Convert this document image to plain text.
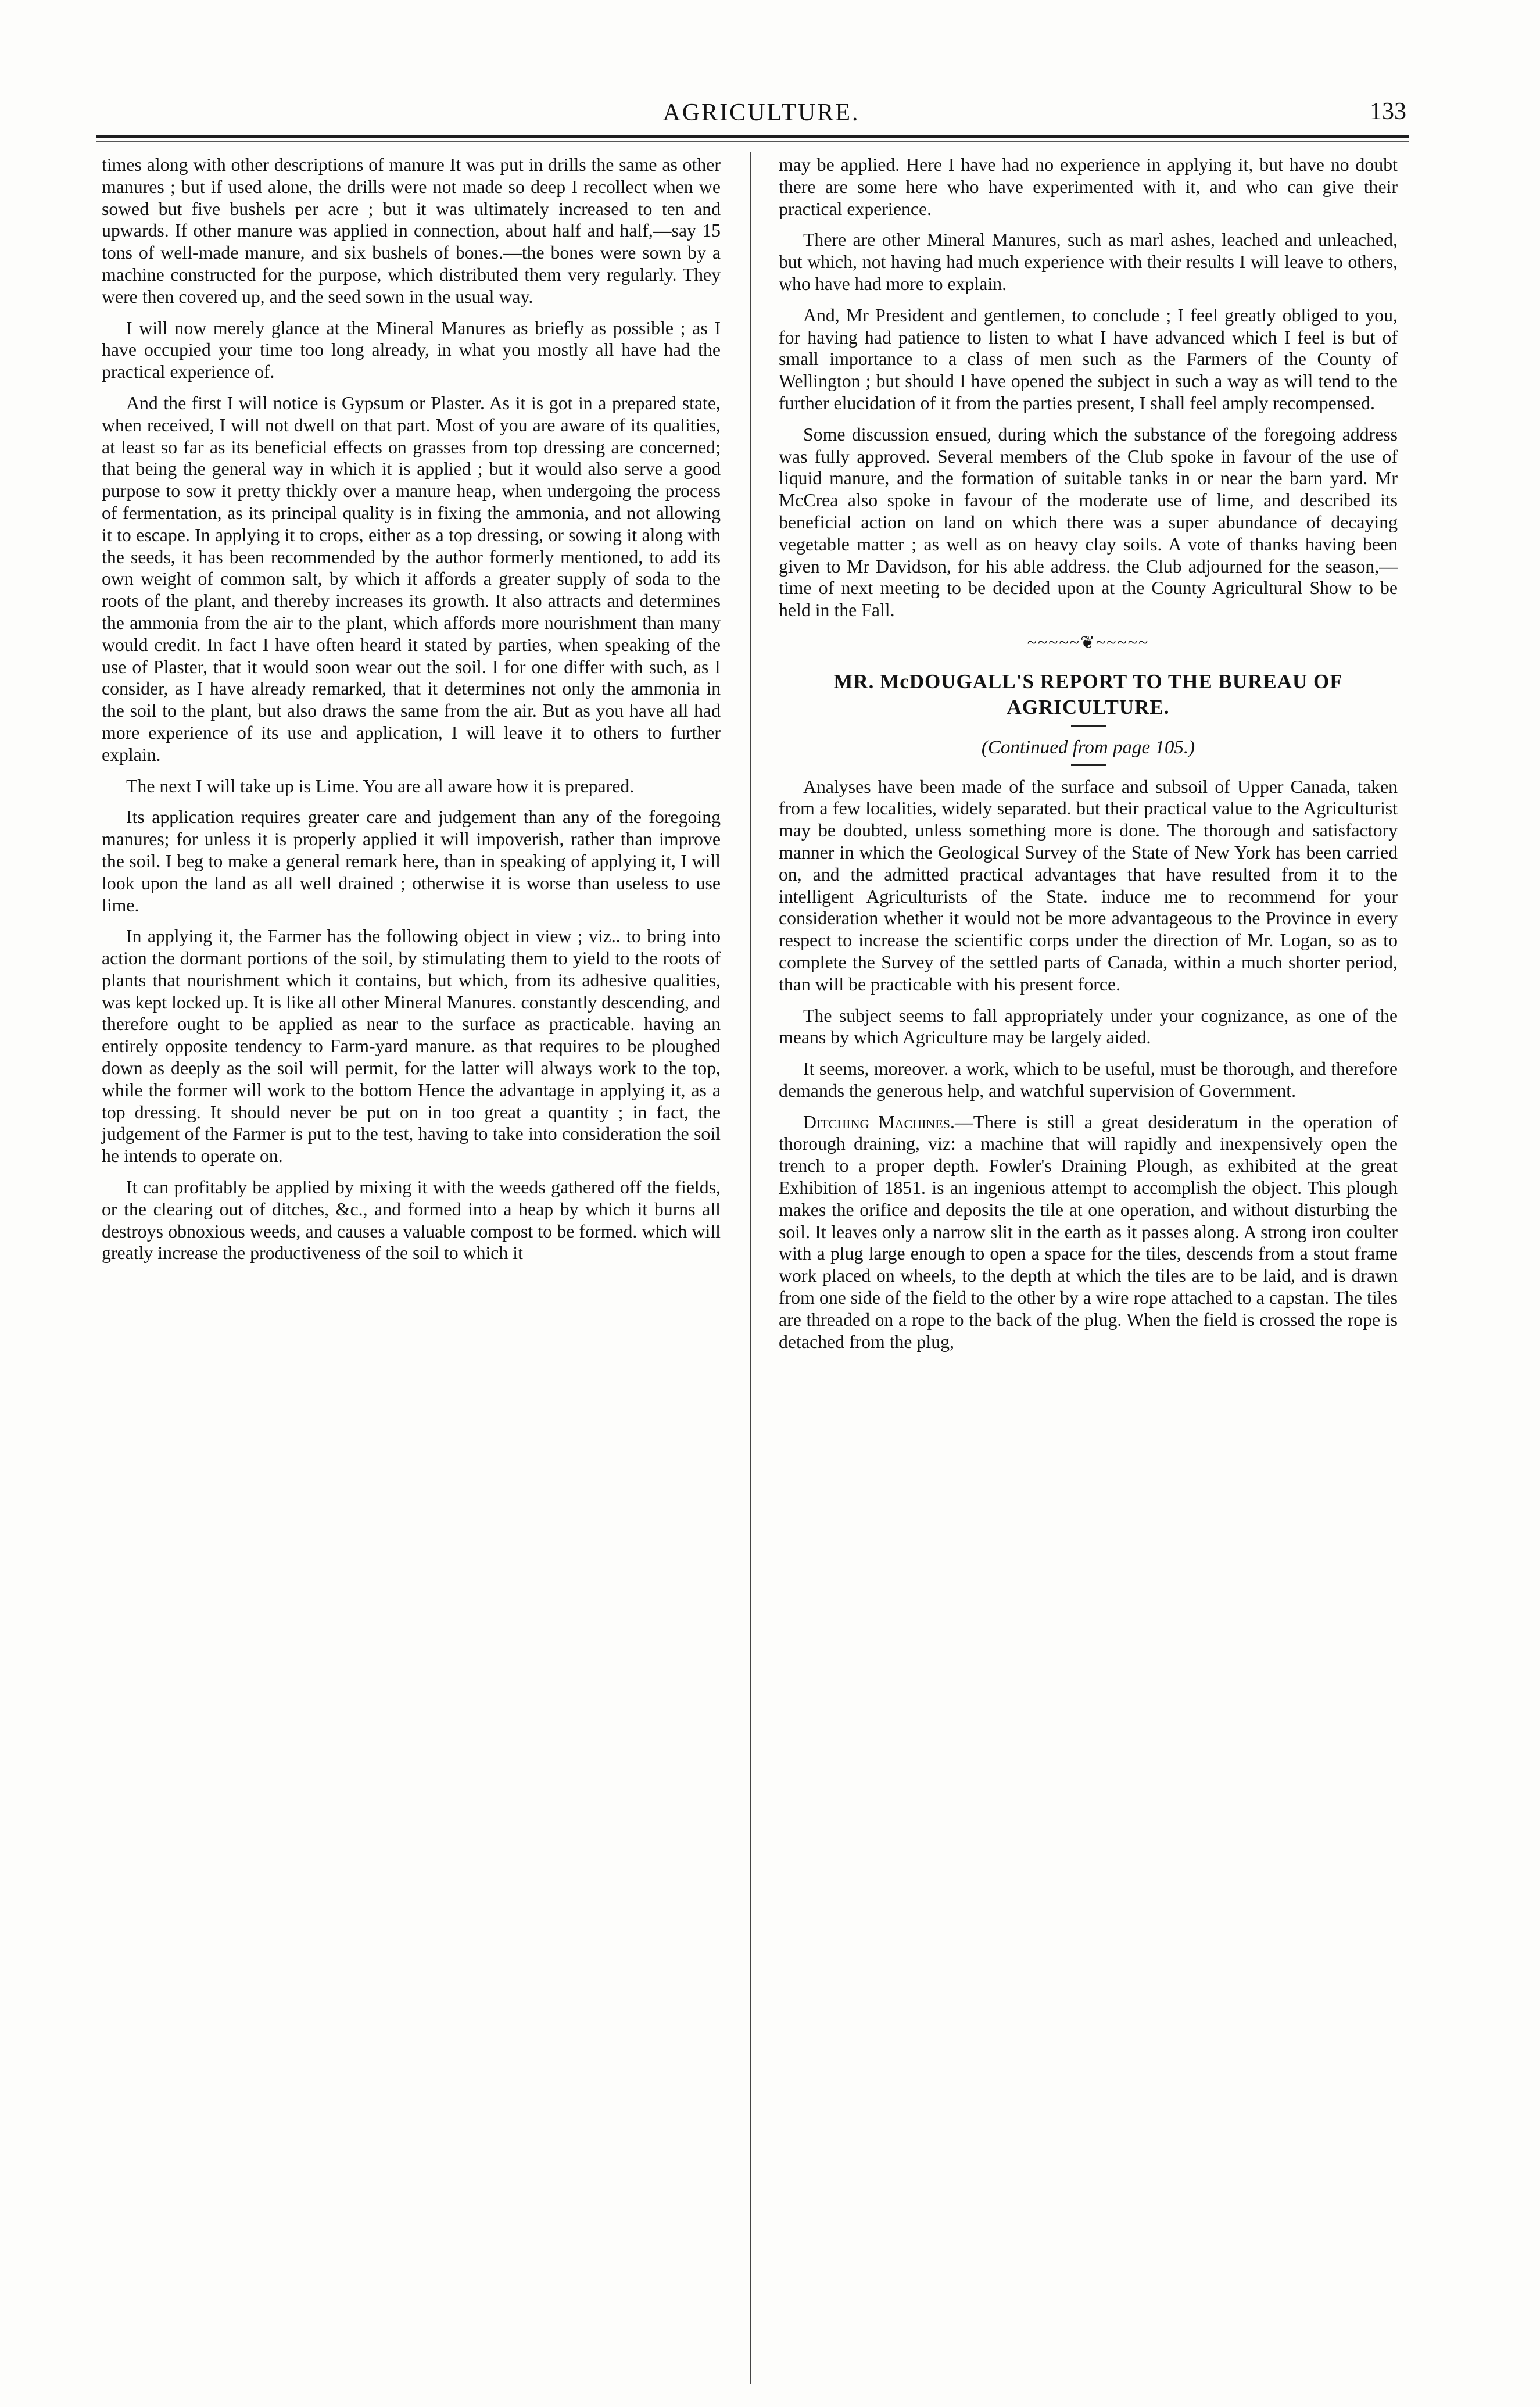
AGRICULTURE.	133

times along with other descriptions of manure It was put in drills the same as other manures ; but if used alone, the drills were not made so deep I recollect when we sowed but five bushels per acre ; but it was ultimately increased to ten and upwards. If other manure was applied in connection, about half and half,—say 15 tons of well-made manure, and six bushels of bones.—the bones were sown by a machine constructed for the purpose, which distributed them very regularly. They were then covered up, and the seed sown in the usual way.

I will now merely glance at the Mineral Manures as briefly as possible ; as I have occupied your time too long already, in what you mostly all have had the practical experience of.

And the first I will notice is Gypsum or Plaster. As it is got in a prepared state, when received, I will not dwell on that part. Most of you are aware of its qualities, at least so far as its beneficial effects on grasses from top dressing are concerned; that being the general way in which it is applied ; but it would also serve a good purpose to sow it pretty thickly over a manure heap, when undergoing the process of fermentation, as its principal quality is in fixing the ammonia, and not allowing it to escape. In applying it to crops, either as a top dressing, or sowing it along with the seeds, it has been recommended by the author formerly mentioned, to add its own weight of common salt, by which it affords a greater supply of soda to the roots of the plant, and thereby increases its growth. It also attracts and determines the ammonia from the air to the plant, which affords more nourishment than many would credit. In fact I have often heard it stated by parties, when speaking of the use of Plaster, that it would soon wear out the soil. I for one differ with such, as I consider, as I have already remarked, that it determines not only the ammonia in the soil to the plant, but also draws the same from the air. But as you have all had more experience of its use and application, I will leave it to others to further explain.

The next I will take up is Lime. You are all aware how it is prepared.

Its application requires greater care and judgement than any of the foregoing manures; for unless it is properly applied it will impoverish, rather than improve the soil. I beg to make a general remark here, than in speaking of applying it, I will look upon the land as all well drained ; otherwise it is worse than useless to use lime.

In applying it, the Farmer has the following object in view ; viz.. to bring into action the dormant portions of the soil, by stimulating them to yield to the roots of plants that nourishment which it contains, but which, from its adhesive qualities, was kept locked up. It is like all other Mineral Manures. constantly descending, and therefore ought to be applied as near to the surface as practicable. having an entirely opposite tendency to Farm-yard manure. as that requires to be ploughed down as deeply as the soil will permit, for the latter will always work to the top, while the former will work to the bottom Hence the advantage in applying it, as a top dressing. It should never be put on in too great a quantity ; in fact, the judgement of the Farmer is put to the test, having to take into consideration the soil he intends to operate on.

It can profitably be applied by mixing it with the weeds gathered off the fields, or the clearing out of ditches, &c., and formed into a heap by which it burns all destroys obnoxious weeds, and causes a valuable compost to be formed. which will greatly increase the productiveness of the soil to which it

may be applied. Here I have had no experience in applying it, but have no doubt there are some here who have experimented with it, and who can give their practical experience.

There are other Mineral Manures, such as marl ashes, leached and unleached, but which, not having had much experience with their results I will leave to others, who have had more to explain.

And, Mr President and gentlemen, to conclude ; I feel greatly obliged to you, for having had patience to listen to what I have advanced which I feel is but of small importance to a class of men such as the Farmers of the County of Wellington ; but should I have opened the subject in such a way as will tend to the further elucidation of it from the parties present, I shall feel amply recompensed.

Some discussion ensued, during which the substance of the foregoing address was fully approved. Several members of the Club spoke in favour of the use of liquid manure, and the formation of suitable tanks in or near the barn yard. Mr McCrea also spoke in favour of the moderate use of lime, and described its beneficial action on land on which there was a super abundance of decaying vegetable matter ; as well as on heavy clay soils. A vote of thanks having been given to Mr Davidson, for his able address. the Club adjourned for the season,—time of next meeting to be decided upon at the County Agricultural Show to be held in the Fall.

~~~~~❦~~~~~
MR. McDOUGALL'S REPORT TO THE BUREAU OF AGRICULTURE.
(Continued from page 105.)

Analyses have been made of the surface and subsoil of Upper Canada, taken from a few localities, widely separated. but their practical value to the Agriculturist may be doubted, unless something more is done. The thorough and satisfactory manner in which the Geological Survey of the State of New York has been carried on, and the admitted practical advantages that have resulted from it to the intelligent Agriculturists of the State. induce me to recommend for your consideration whether it would not be more advantageous to the Province in every respect to increase the scientific corps under the direction of Mr. Logan, so as to complete the Survey of the settled parts of Canada, within a much shorter period, than will be practicable with his present force.

The subject seems to fall appropriately under your cognizance, as one of the means by which Agriculture may be largely aided.

It seems, moreover. a work, which to be useful, must be thorough, and therefore demands the generous help, and watchful supervision of Government.

Ditching Machines.—There is still a great desideratum in the operation of thorough draining, viz: a machine that will rapidly and inexpensively open the trench to a proper depth. Fowler's Draining Plough, as exhibited at the great Exhibition of 1851. is an ingenious attempt to accomplish the object. This plough makes the orifice and deposits the tile at one operation, and without disturbing the soil. It leaves only a narrow slit in the earth as it passes along. A strong iron coulter with a plug large enough to open a space for the tiles, descends from a stout frame work placed on wheels, to the depth at which the tiles are to be laid, and is drawn from one side of the field to the other by a wire rope attached to a capstan. The tiles are threaded on a rope to the back of the plug. When the field is crossed the rope is detached from the plug,
